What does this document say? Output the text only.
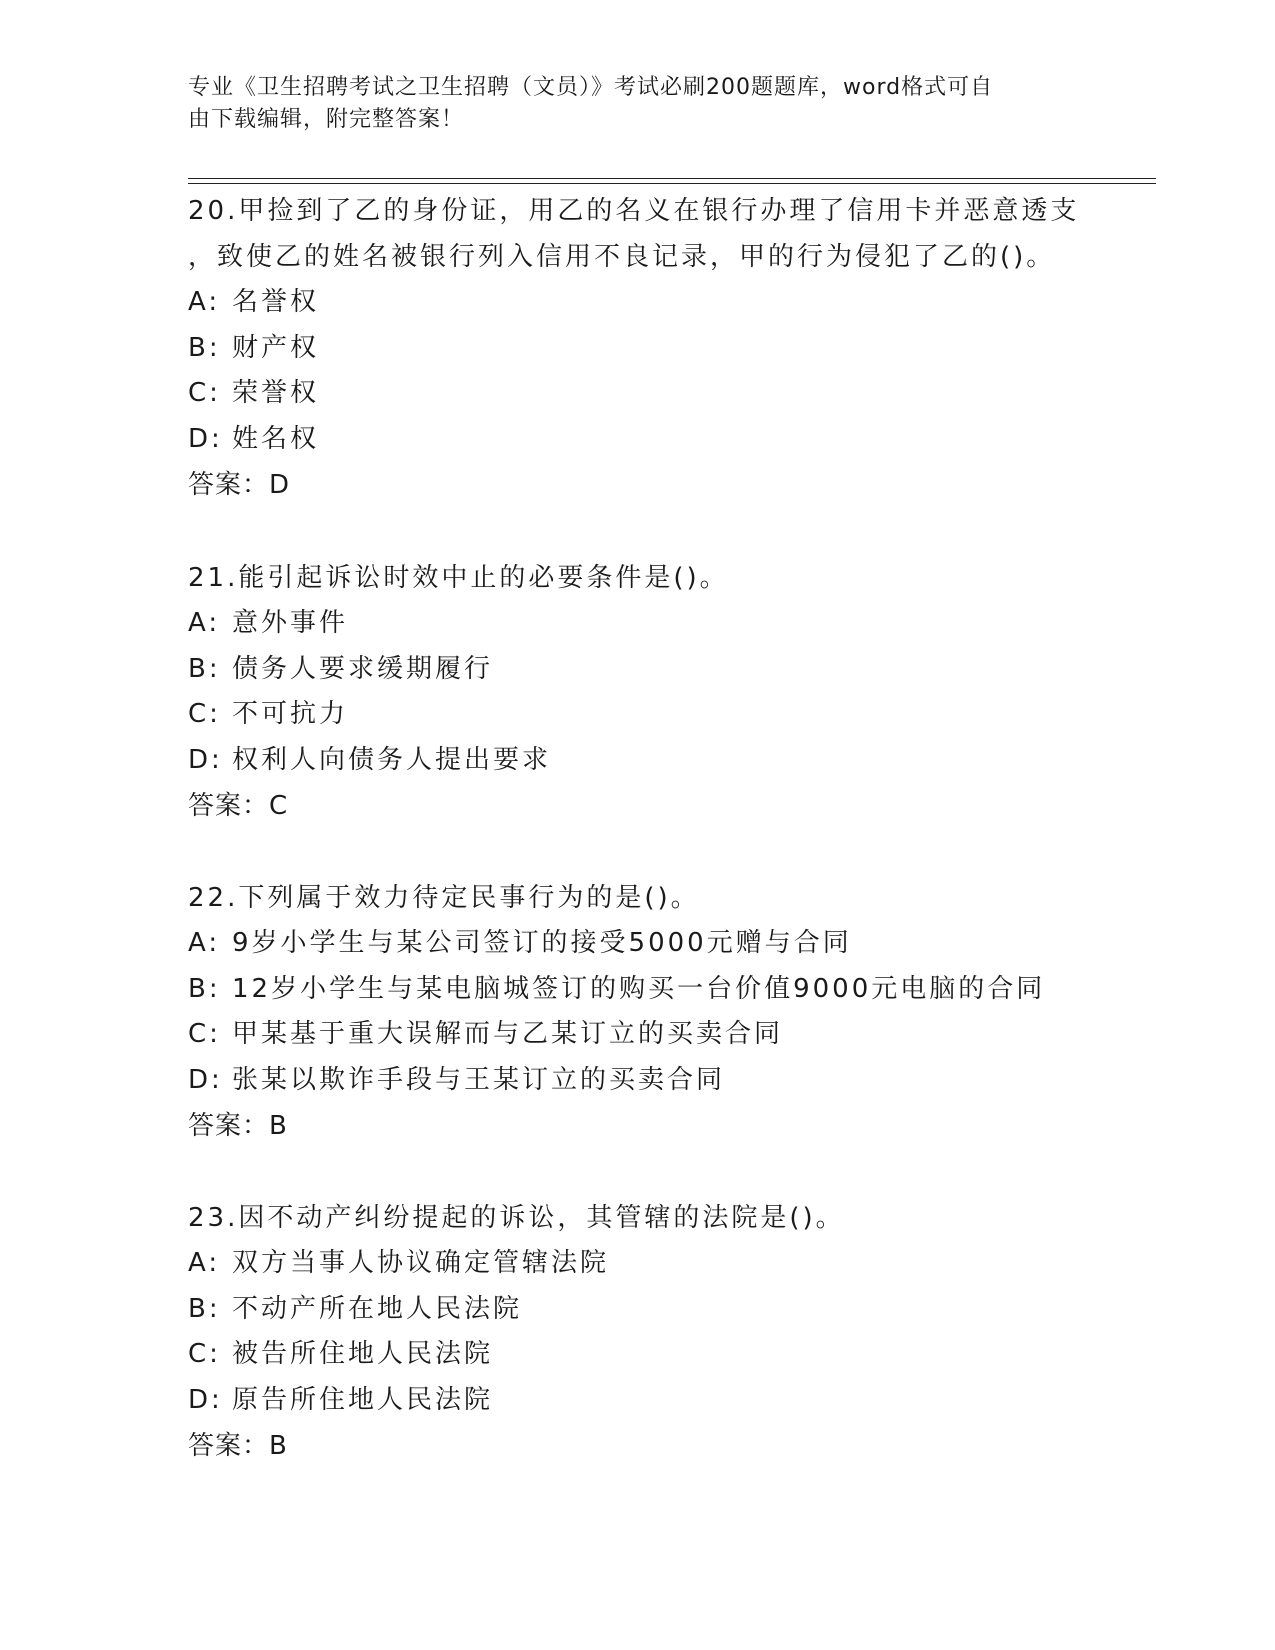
专业《卫生招聘考试之卫生招聘（文员）》考试必刷200题题库，word格式可自
由下载编辑，附完整答案！

20.甲捡到了乙的身份证，用乙的名义在银行办理了信用卡并恶意透支

，致使乙的姓名被银行列入信用不良记录，甲的行为侵犯了乙的()。

A: 名誉权

B: 财产权

C: 荣誉权

D: 姓名权

答案：D

21.能引起诉讼时效中止的必要条件是()。

A: 意外事件

B: 债务人要求缓期履行

C: 不可抗力

D: 权利人向债务人提出要求

答案：C

22.下列属于效力待定民事行为的是()。

A: 9岁小学生与某公司签订的接受5000元赠与合同

B: 12岁小学生与某电脑城签订的购买一台价值9000元电脑的合同

C: 甲某基于重大误解而与乙某订立的买卖合同

D: 张某以欺诈手段与王某订立的买卖合同

答案：B

23.因不动产纠纷提起的诉讼，其管辖的法院是()。

A: 双方当事人协议确定管辖法院

B: 不动产所在地人民法院

C: 被告所住地人民法院

D: 原告所住地人民法院

答案：B
